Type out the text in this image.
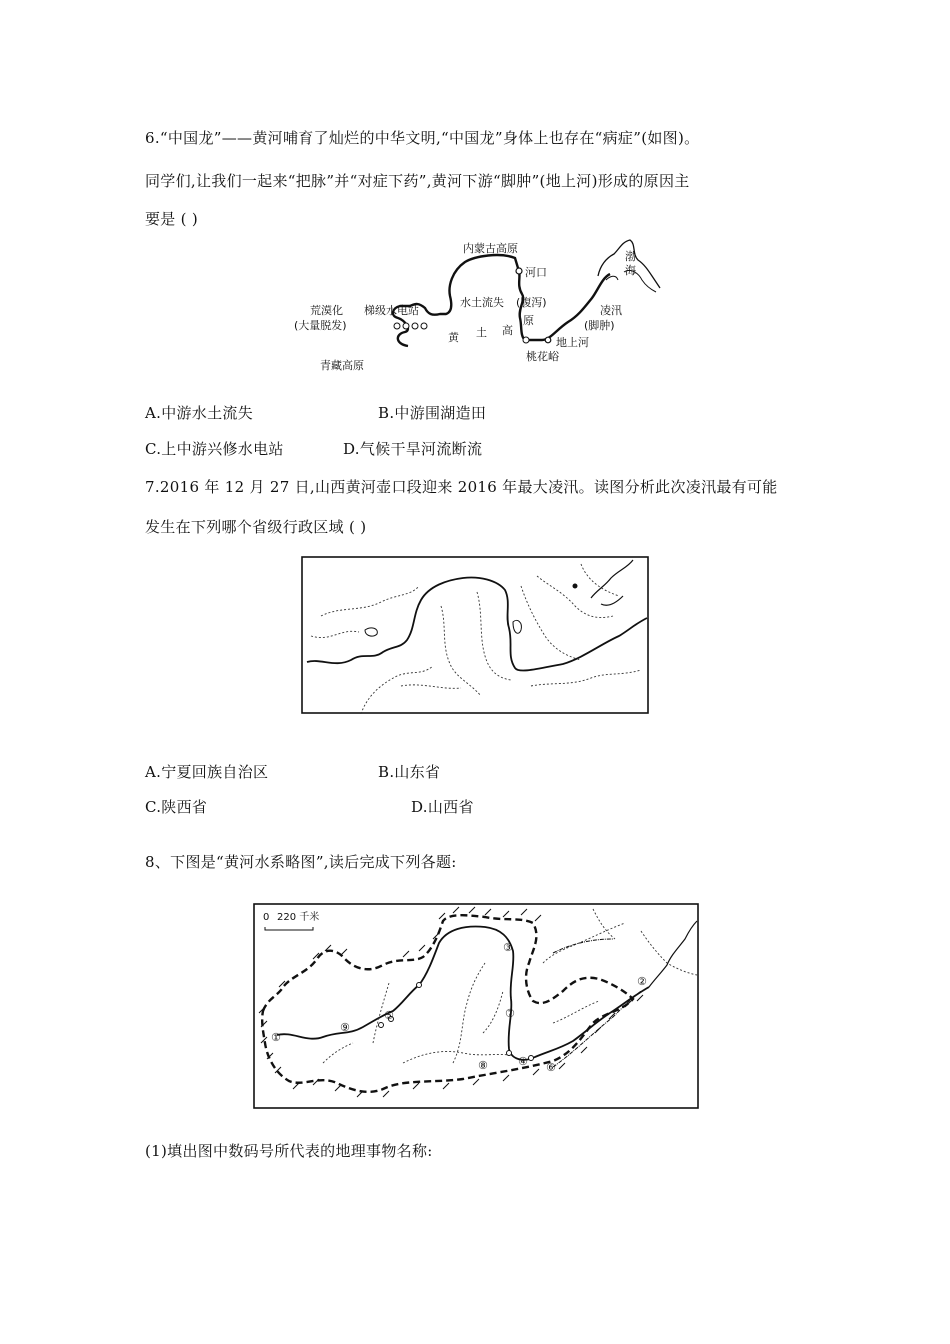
6.“中国龙”——黄河哺育了灿烂的中华文明,“中国龙”身体上也存在“病症”(如图)。
同学们,让我们一起来“把脉”并“对症下药”,黄河下游“脚肿”(地上河)形成的原因主
要是 ( )
内蒙古高原
河口
渤
海
水土流失 (腹泻)
荒漠化
(大量脱发)
梯级水电站	凌汛
(脚肿)
黄 土 高
原
地上河
桃花峪
青藏高原
A.中游水土流失	B.中游围湖造田
C.上中游兴修水电站	D.气候干旱河流断流
7.2016 年 12 月 27 日,山西黄河壶口段迎来 2016 年最大凌汛。读图分析此次凌汛最有可能
发生在下列哪个省级行政区域 ( )
A.宁夏回族自治区	B.山东省
C.陕西省	D.山西省
8、下图是“黄河水系略图”,读后完成下列各题:
0 220 千米
①
②
③
④
⑤
⑥
⑦
⑧
⑨
(1)填出图中数码号所代表的地理事物名称:
